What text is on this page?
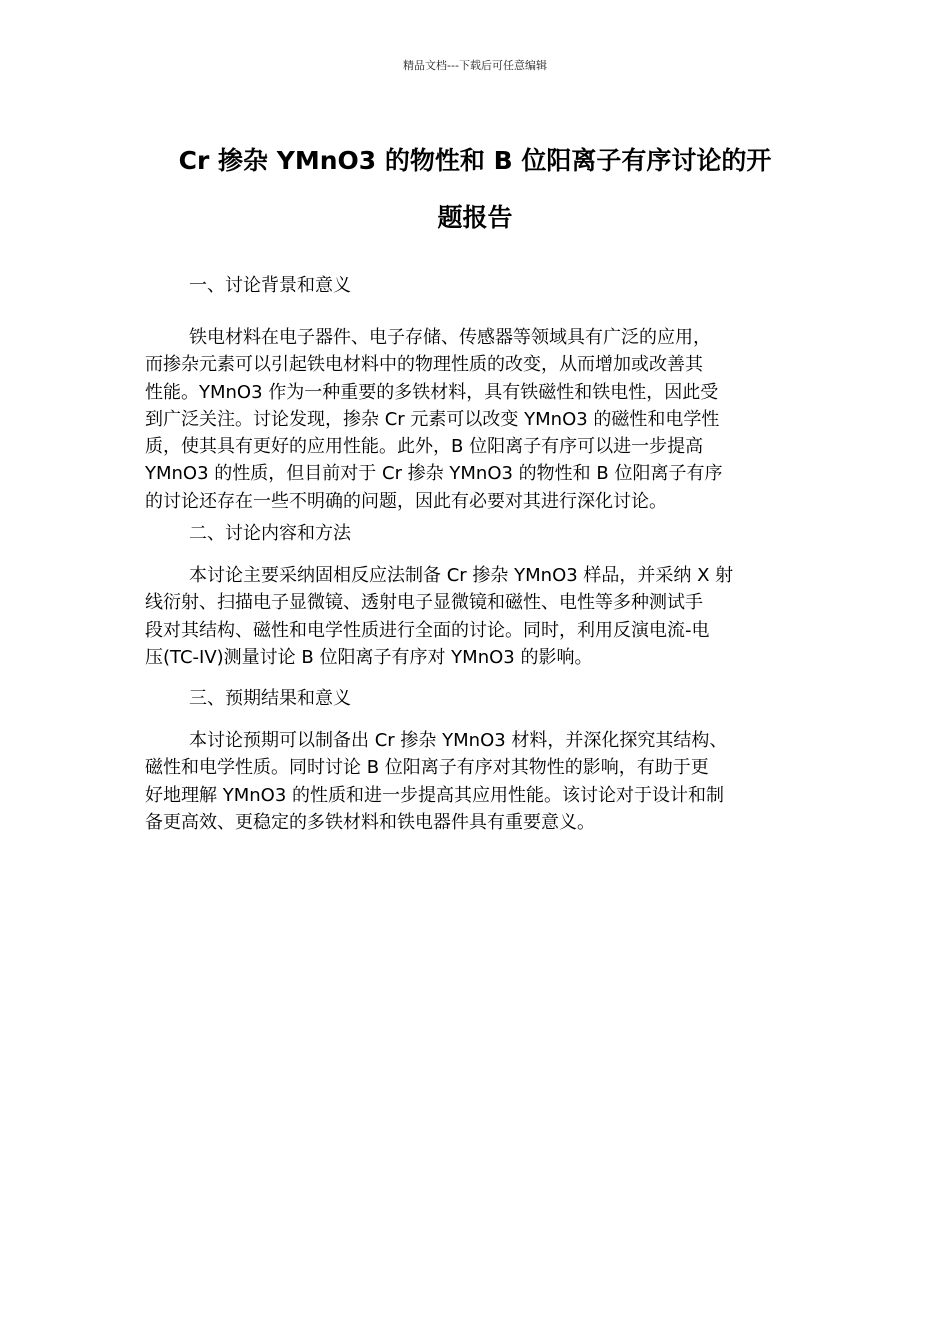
精品文档---下载后可任意编辑
Cr 掺杂 YMnO3 的物性和 B 位阳离子有序讨论的开
题报告
一、讨论背景和意义

铁电材料在电子器件、电子存储、传感器等领域具有广泛的应用，
而掺杂元素可以引起铁电材料中的物理性质的改变，从而增加或改善其
性能。YMnO3 作为一种重要的多铁材料，具有铁磁性和铁电性，因此受
到广泛关注。讨论发现，掺杂 Cr 元素可以改变 YMnO3 的磁性和电学性
质，使其具有更好的应用性能。此外，B 位阳离子有序可以进一步提高
YMnO3 的性质，但目前对于 Cr 掺杂 YMnO3 的物性和 B 位阳离子有序
的讨论还存在一些不明确的问题，因此有必要对其进行深化讨论。

二、讨论内容和方法

本讨论主要采纳固相反应法制备 Cr 掺杂 YMnO3 样品，并采纳 X 射
线衍射、扫描电子显微镜、透射电子显微镜和磁性、电性等多种测试手
段对其结构、磁性和电学性质进行全面的讨论。同时，利用反演电流-电
压(TC-IV)测量讨论 B 位阳离子有序对 YMnO3 的影响。

三、预期结果和意义

本讨论预期可以制备出 Cr 掺杂 YMnO3 材料，并深化探究其结构、
磁性和电学性质。同时讨论 B 位阳离子有序对其物性的影响，有助于更
好地理解 YMnO3 的性质和进一步提高其应用性能。该讨论对于设计和制
备更高效、更稳定的多铁材料和铁电器件具有重要意义。
